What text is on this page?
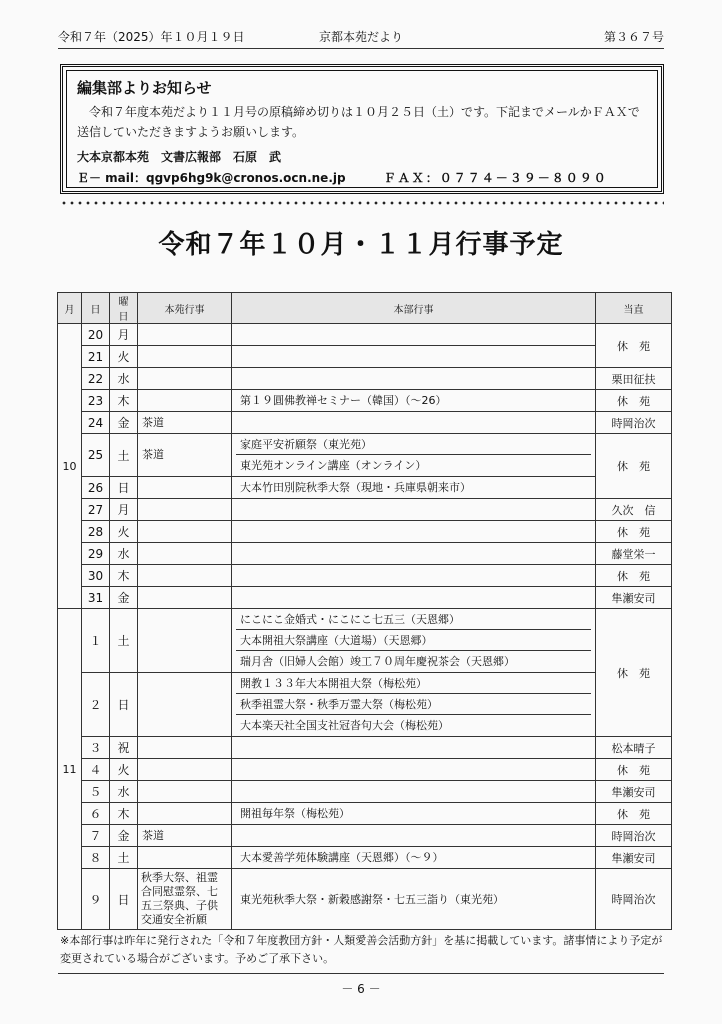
令和７年（2025）年１０月１９日	京都本苑だより	第３６７号
編集部よりお知らせ
令和７年度本苑だより１１月号の原稿締め切りは１０月２５日（土）です。下記までメールかＦＡＸで送信していただきますようお願いします。
大本京都本苑　文書広報部　石原　武
Ｅ－ mail：qgvp6hg9k@cronos.ocn.ne.jp	ＦＡＸ：０７７４－３９－８０９０
令和７年１０月・１１月行事予定
月	日	曜日	本苑行事	本部行事	当直
10	20	月			休　苑
	21	火			

	22	水			栗田征扶
	23	木		第１９圓佛教禅セミナー（韓国）（～26）	休　苑
	24	金	茶道		時岡治次
	25	土	茶道	家庭平安祈願祭（東光苑）
東光苑オンライン講座（オンライン）	休　苑
	26	日		大本竹田別院秋季大祭（現地・兵庫県朝来市）	

	27	月			久次　信
	28	火			休　苑
	29	水			藤堂栄一
	30	木			休　苑
	31	金			隼瀬安司
11	１	土		にこにこ金婚式・にこにこ七五三（天恩郷）
大本開祖大祭講座（大道場）（天恩郷）
瑞月舎（旧婦人会館）竣工７０周年慶祝茶会（天恩郷）	休　苑
	２	日		開教１３３年大本開祖大祭（梅松苑）
秋季祖霊大祭・秋季万霊大祭（梅松苑）
大本楽天社全国支社冠沓句大会（梅松苑）	

	３	祝			松本晴子
	４	火			休　苑
	５	水			隼瀬安司
	６	木		開祖毎年祭（梅松苑）	休　苑
	７	金	茶道		時岡治次
	８	土		大本愛善学苑体験講座（天恩郷）（～９）	隼瀬安司
	９	日	秋季大祭、祖霊合同慰霊祭、七五三祭典、子供交通安全祈願	東光苑秋季大祭・新穀感謝祭・七五三詣り（東光苑）	時岡治次
※本部行事は昨年に発行された「令和７年度教団方針・人類愛善会活動方針」を基に掲載しています。諸事情により予定が変更されている場合がございます。予めご了承下さい。
－ 6 －
